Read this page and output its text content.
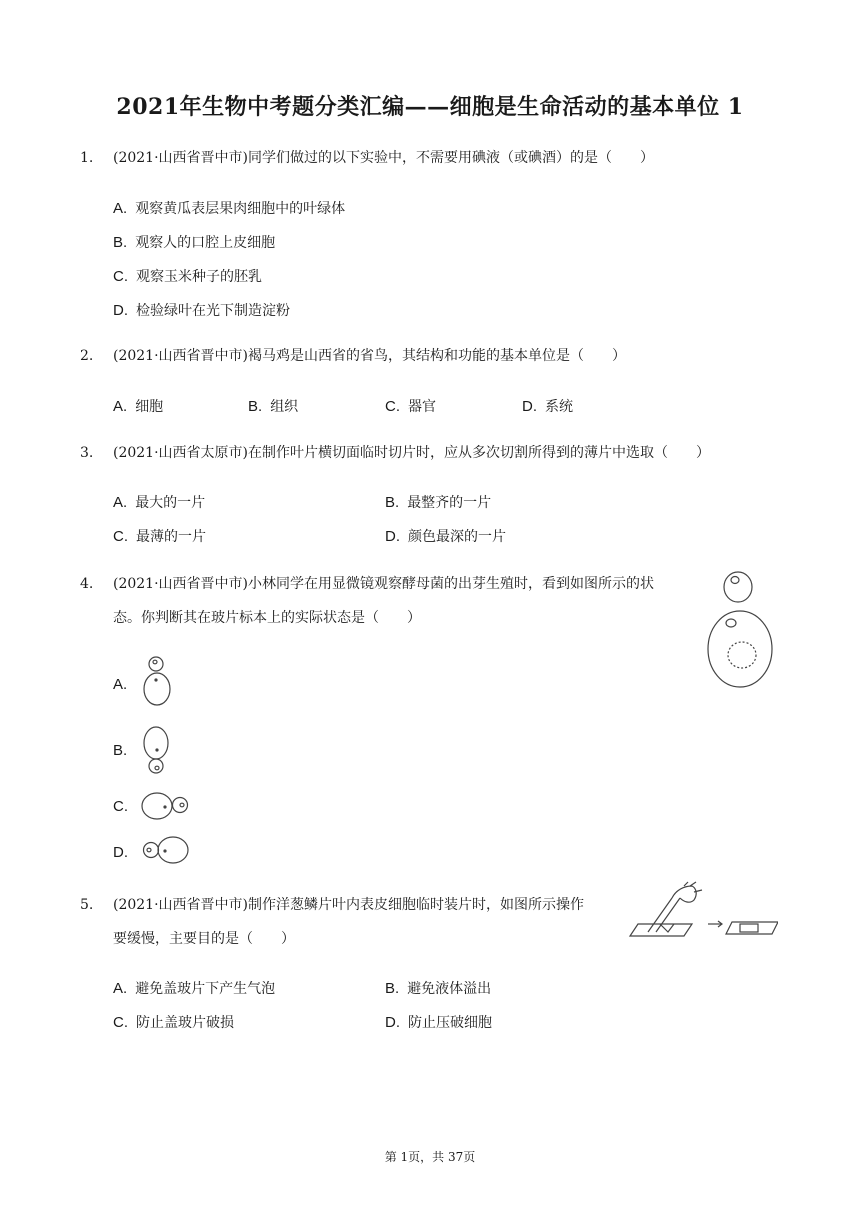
2021年生物中考题分类汇编——细胞是生命活动的基本单位 1
1. (2021·山西省晋中市)同学们做过的以下实验中，不需要用碘液（或碘酒）的是（　　）
A. 观察黄瓜表层果肉细胞中的叶绿体
B. 观察人的口腔上皮细胞
C. 观察玉米种子的胚乳
D. 检验绿叶在光下制造淀粉
2. (2021·山西省晋中市)褐马鸡是山西省的省鸟，其结构和功能的基本单位是（　　）
A. 细胞	B. 组织	C. 器官	D. 系统
3. (2021·山西省太原市)在制作叶片横切面临时切片时，应从多次切割所得到的薄片中选取（　　）
A. 最大的一片	B. 最整齐的一片
C. 最薄的一片	D. 颜色最深的一片
4. (2021·山西省晋中市)小林同学在用显微镜观察酵母菌的出芽生殖时，看到如图所示的状
态。你判断其在玻片标本上的实际状态是（　　）
A.
B.
C.
D.
5. (2021·山西省晋中市)制作洋葱鳞片叶内表皮细胞临时装片时，如图所示操作
要缓慢，主要目的是（　　）
A. 避免盖玻片下产生气泡	B. 避免液体溢出
C. 防止盖玻片破损	D. 防止压破细胞
第 1页，共 37页
